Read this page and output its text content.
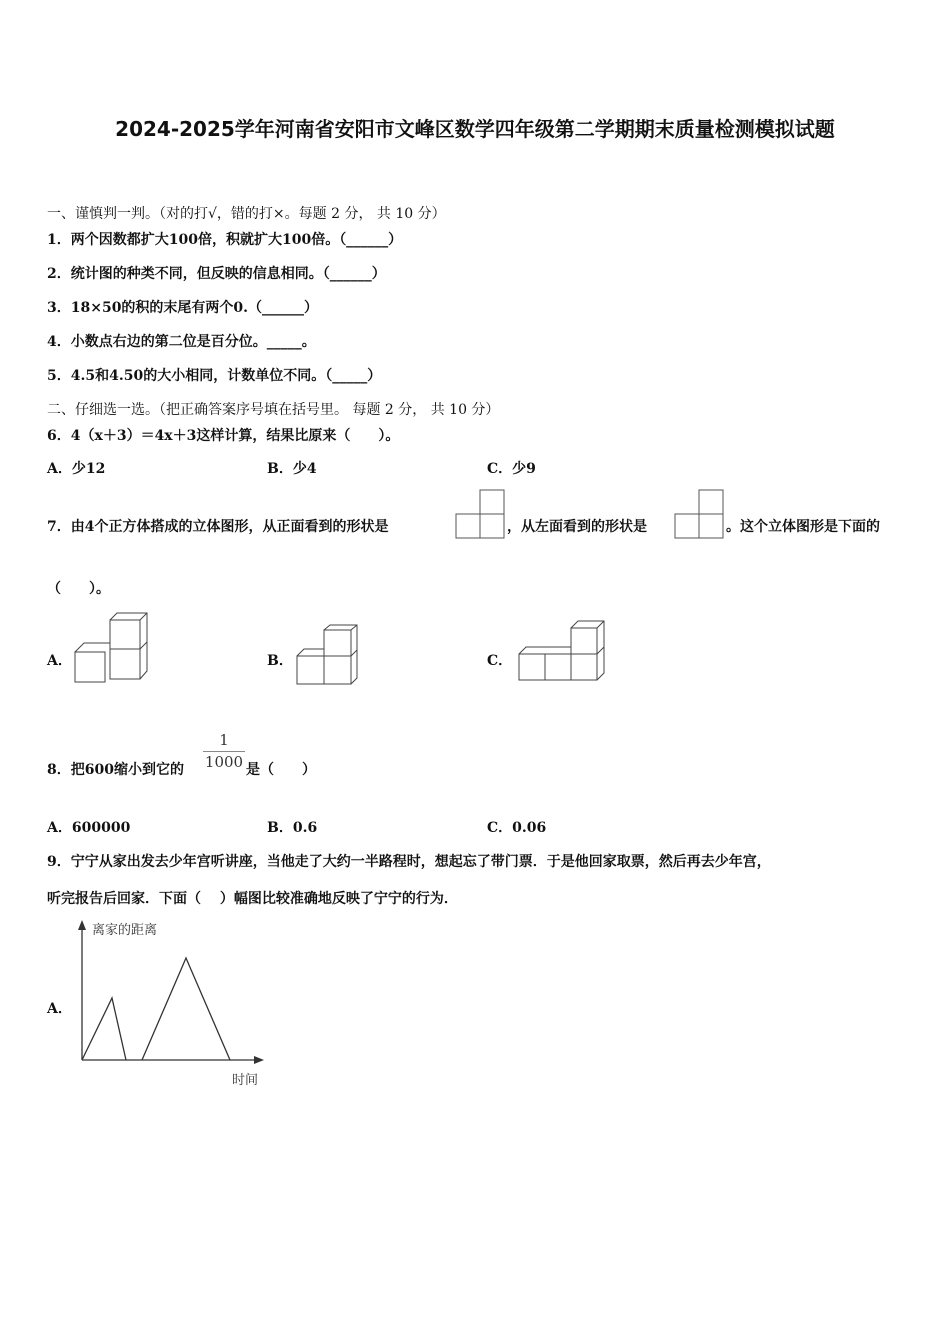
2024-2025学年河南省安阳市文峰区数学四年级第二学期期末质量检测模拟试题
一、谨慎判一判。（对的打√，错的打×。每题 2 分， 共 10 分）
1．两个因数都扩大100倍，积就扩大100倍。（______）
2．统计图的种类不同，但反映的信息相同。（______）
3．18×50的积的末尾有两个0.（______）
4．小数点右边的第二位是百分位。_____。
5．4.5和4.50的大小相同，计数单位不同。（_____）
二、仔细选一选。（把正确答案序号填在括号里。 每题 2 分， 共 10 分）
6．4（x＋3）＝4x＋3这样计算，结果比原来（　　）。
A．少12	B．少4	C．少9
7．由4个正方体搭成的立体图形，从正面看到的形状是	，从左面看到的形状是	。这个立体图形是下面的
（　　）。
A．	B．	C．
8．把600缩小到它的 $\frac{1}{1000}$ 是（　　）
A．600000	B．0.6	C．0.06
9．宁宁从家出发去少年宫听讲座，当他走了大约一半路程时，想起忘了带门票．于是他回家取票，然后再去少年宫，
听完报告后回家．下面（　 ）幅图比较准确地反映了宁宁的行为．
A．
离家的距离
时间
